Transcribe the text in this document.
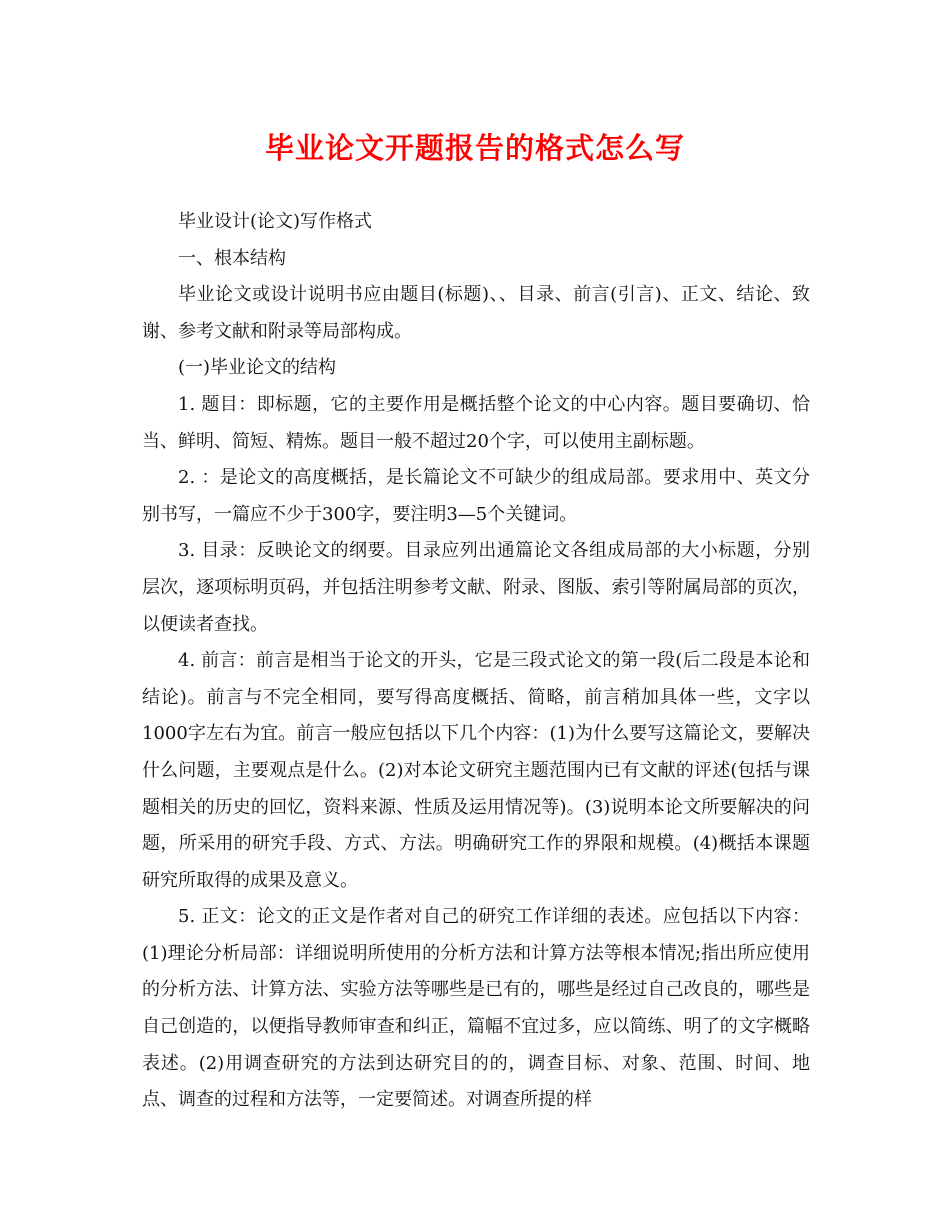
毕业论文开题报告的格式怎么写

毕业设计(论文)写作格式

一、根本结构

毕业论文或设计说明书应由题目(标题)、、目录、前言(引言)、正文、结论、致谢、参考文献和附录等局部构成。

(一)毕业论文的结构

1. 题目：即标题，它的主要作用是概括整个论文的中心内容。题目要确切、恰当、鲜明、简短、精炼。题目一般不超过20个字，可以使用主副标题。

2. ：是论文的高度概括，是长篇论文不可缺少的组成局部。要求用中、英文分别书写，一篇应不少于300字，要注明3—5个关键词。

3. 目录：反映论文的纲要。目录应列出通篇论文各组成局部的大小标题，分别层次，逐项标明页码，并包括注明参考文献、附录、图版、索引等附属局部的页次，以便读者查找。

4. 前言：前言是相当于论文的开头，它是三段式论文的第一段(后二段是本论和结论)。前言与不完全相同，要写得高度概括、简略，前言稍加具体一些，文字以1000字左右为宜。前言一般应包括以下几个内容：(1)为什么要写这篇论文，要解决什么问题，主要观点是什么。(2)对本论文研究主题范围内已有文献的评述(包括与课题相关的历史的回忆，资料来源、性质及运用情况等)。(3)说明本论文所要解决的问题，所采用的研究手段、方式、方法。明确研究工作的界限和规模。(4)概括本课题研究所取得的成果及意义。

5. 正文：论文的正文是作者对自己的研究工作详细的表述。应包括以下内容：(1)理论分析局部：详细说明所使用的分析方法和计算方法等根本情况;指出所应使用的分析方法、计算方法、实验方法等哪些是已有的，哪些是经过自己改良的，哪些是自己创造的，以便指导教师审查和纠正，篇幅不宜过多，应以简练、明了的文字概略表述。(2)用调查研究的方法到达研究目的的，调查目标、对象、范围、时间、地点、调查的过程和方法等，一定要简述。对调查所提的样
